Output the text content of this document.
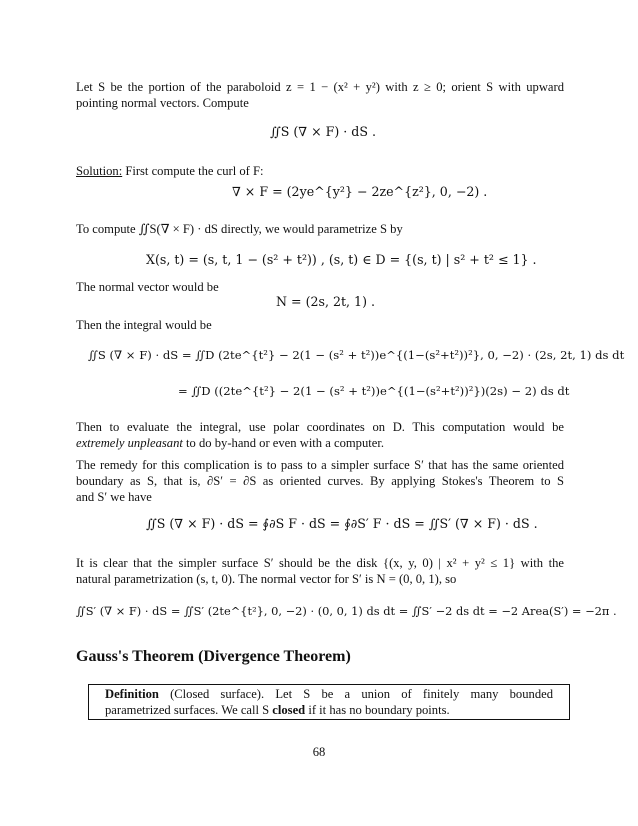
Let S be the portion of the paraboloid z = 1 − (x² + y²) with z ≥ 0; orient S with upward
pointing normal vectors. Compute
∬S (∇ × F) · dS .
Solution: First compute the curl of F:
∇ × F = (2ye^{y²} − 2ze^{z²}, 0, −2) .
To compute ∬S(∇ × F) · dS directly, we would parametrize S by
X(s, t) = (s, t, 1 − (s² + t²)) , (s, t) ∈ D = {(s, t) | s² + t² ≤ 1} .
The normal vector would be
N = (2s, 2t, 1) .
Then the integral would be
∬S (∇ × F) · dS = ∬D (2te^{t²} − 2(1 − (s² + t²))e^{(1−(s²+t²))²}, 0, −2) · (2s, 2t, 1) ds dt
= ∬D ((2te^{t²} − 2(1 − (s² + t²))e^{(1−(s²+t²))²})(2s) − 2) ds dt
Then to evaluate the integral, use polar coordinates on D. This computation would be
extremely unpleasant to do by-hand or even with a computer.
The remedy for this complication is to pass to a simpler surface S′ that has the same oriented
boundary as S, that is, ∂S′ = ∂S as oriented curves. By applying Stokes's Theorem to S
and S′ we have
∬S (∇ × F) · dS = ∮∂S F · dS = ∮∂S′ F · dS = ∬S′ (∇ × F) · dS .
It is clear that the simpler surface S′ should be the disk {(x, y, 0) | x² + y² ≤ 1} with the
natural parametrization (s, t, 0). The normal vector for S′ is N = (0, 0, 1), so
∬S′ (∇ × F) · dS = ∬S′ (2te^{t²}, 0, −2) · (0, 0, 1) ds dt = ∬S′ −2 ds dt = −2 Area(S′) = −2π .
Gauss's Theorem (Divergence Theorem)
Definition (Closed surface). Let S be a union of finitely many bounded
parametrized surfaces. We call S closed if it has no boundary points.
68
